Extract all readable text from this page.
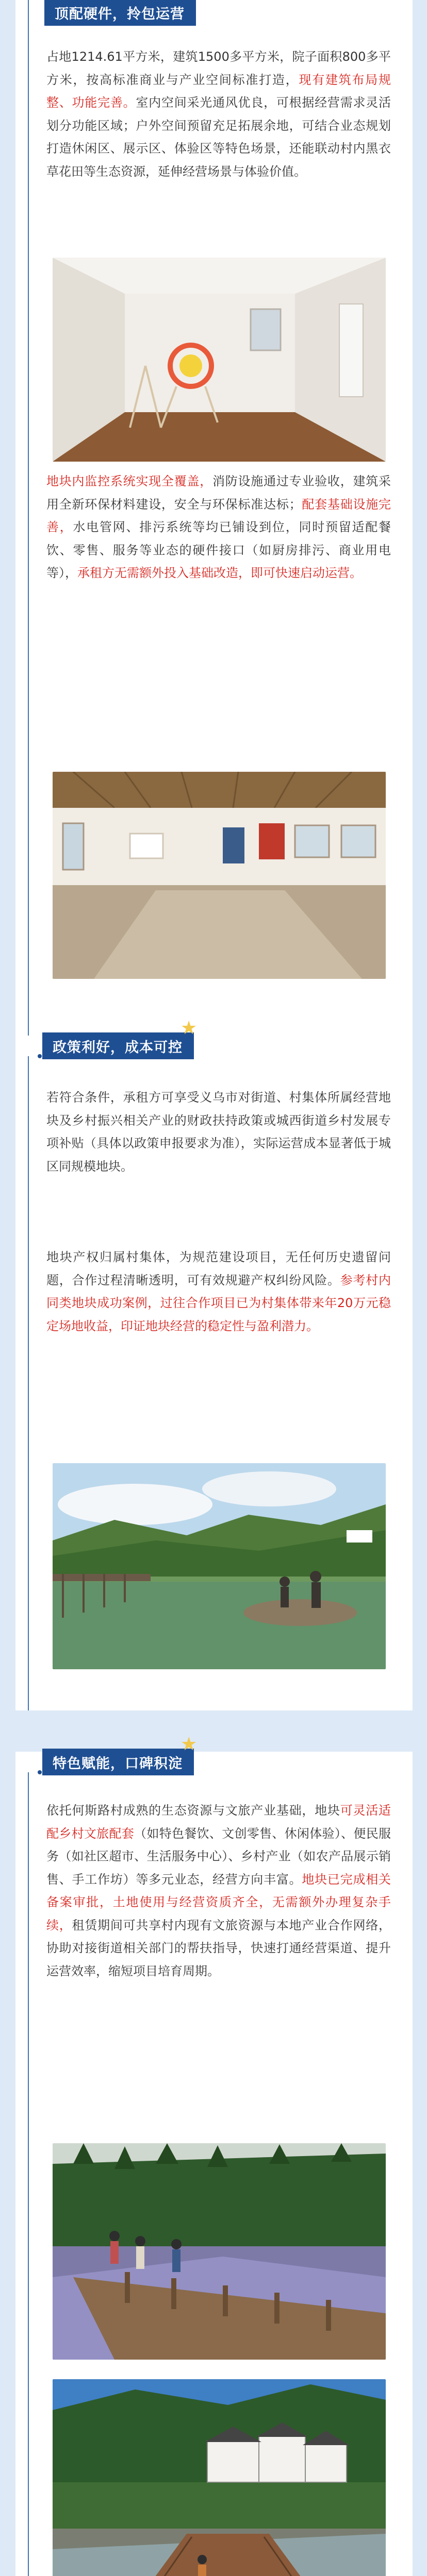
顶配硬件，拎包运营
占地1214.61平方米，建筑1500多平方米，院子面积800多平方米，按高标准商业与产业空间标准打造，现有建筑布局规整、功能完善。室内空间采光通风优良，可根据经营需求灵活划分功能区域；户外空间预留充足拓展余地，可结合业态规划打造休闲区、展示区、体验区等特色场景，还能联动村内黑衣草花田等生态资源，延伸经营场景与体验价值。
地块内监控系统实现全覆盖，消防设施通过专业验收，建筑采用全新环保材料建设，安全与环保标准达标；配套基础设施完善，水电管网、排污系统等均已铺设到位，同时预留适配餐饮、零售、服务等业态的硬件接口（如厨房排污、商业用电等），承租方无需额外投入基础改造，即可快速启动运营。
政策利好，成本可控
★
若符合条件，承租方可享受义乌市对街道、村集体所属经营地块及乡村振兴相关产业的财政扶持政策或城西街道乡村发展专项补贴（具体以政策申报要求为准），实际运营成本显著低于城区同规模地块。
地块产权归属村集体，为规范建设项目，无任何历史遗留问题，合作过程清晰透明，可有效规避产权纠纷风险。参考村内同类地块成功案例，过往合作项目已为村集体带来年20万元稳定场地收益，印证地块经营的稳定性与盈利潜力。
特色赋能，口碑积淀
★
依托何斯路村成熟的生态资源与文旅产业基础，地块可灵活适配乡村文旅配套（如特色餐饮、文创零售、休闲体验）、便民服务（如社区超市、生活服务中心）、乡村产业（如农产品展示销售、手工作坊）等多元业态，经营方向丰富。地块已完成相关备案审批，土地使用与经营资质齐全，无需额外办理复杂手续，租赁期间可共享村内现有文旅资源与本地产业合作网络，协助对接街道相关部门的帮扶指导，快速打通经营渠道、提升运营效率，缩短项目培育周期。
